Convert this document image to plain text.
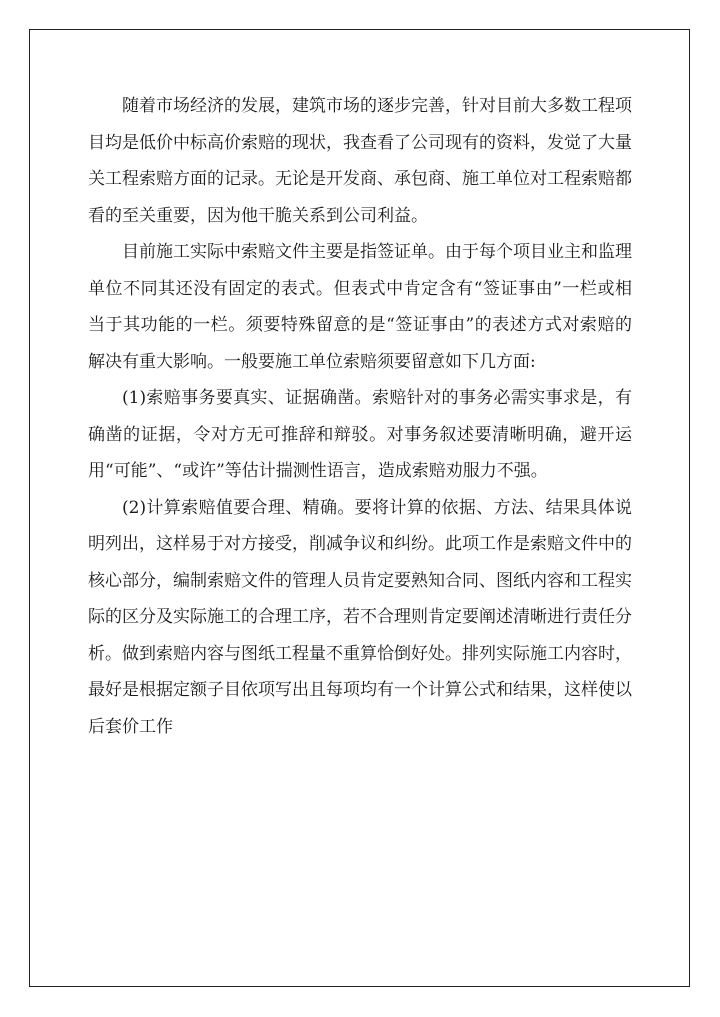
随着市场经济的发展，建筑市场的逐步完善，针对目前大多数工程项目均是低价中标高价索赔的现状，我查看了公司现有的资料，发觉了大量关工程索赔方面的记录。无论是开发商、承包商、施工单位对工程索赔都看的至关重要，因为他干脆关系到公司利益。

目前施工实际中索赔文件主要是指签证单。由于每个项目业主和监理单位不同其还没有固定的表式。但表式中肯定含有“签证事由”一栏或相当于其功能的一栏。须要特殊留意的是“签证事由”的表述方式对索赔的解决有重大影响。一般要施工单位索赔须要留意如下几方面:

(1)索赔事务要真实、证据确凿。索赔针对的事务必需实事求是，有确凿的证据，令对方无可推辞和辩驳。对事务叙述要清晰明确，避开运用“可能”、“或许”等估计揣测性语言，造成索赔劝服力不强。

(2)计算索赔值要合理、精确。要将计算的依据、方法、结果具体说明列出，这样易于对方接受，削减争议和纠纷。此项工作是索赔文件中的核心部分，编制索赔文件的管理人员肯定要熟知合同、图纸内容和工程实际的区分及实际施工的合理工序，若不合理则肯定要阐述清晰进行责任分析。做到索赔内容与图纸工程量不重算恰倒好处。排列实际施工内容时，最好是根据定额子目依项写出且每项均有一个计算公式和结果，这样使以后套价工作
